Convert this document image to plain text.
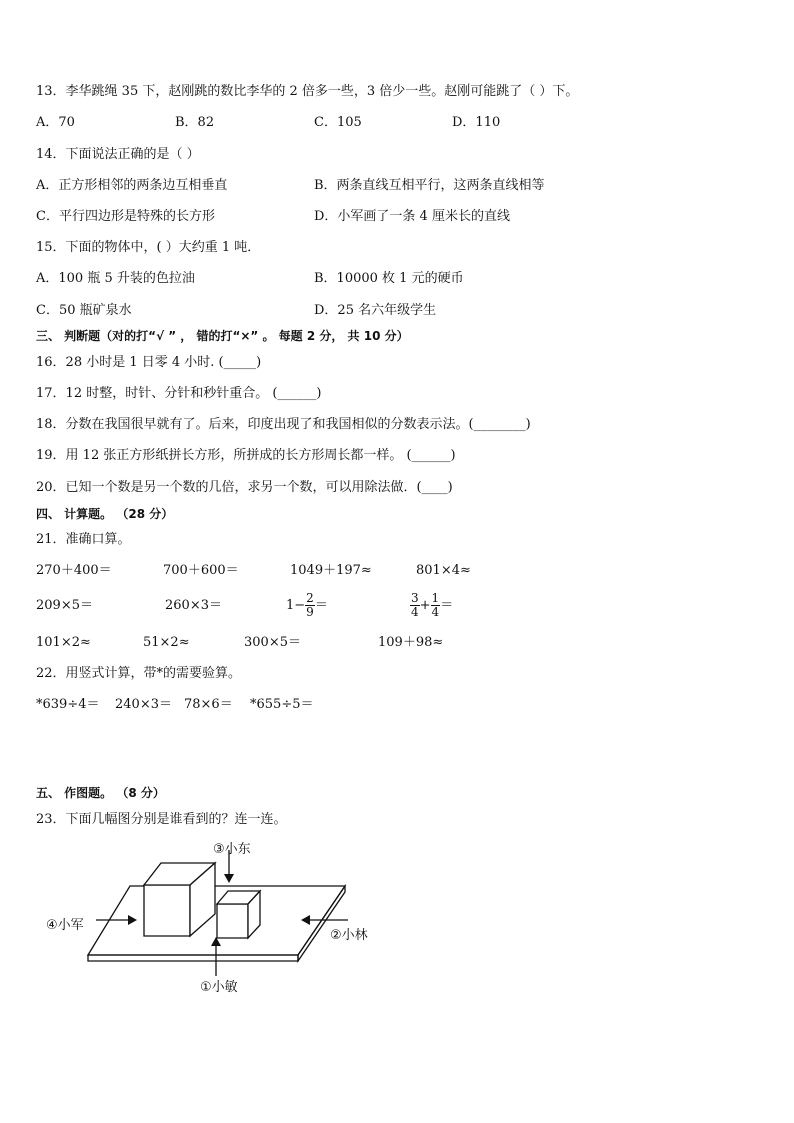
13．李华跳绳 35 下，赵刚跳的数比李华的 2 倍多一些，3 倍少一些。赵刚可能跳了（ ）下。
A．70	B．82	C．105	D．110
14．下面说法正确的是（ ）
A．正方形相邻的两条边互相垂直	B．两条直线互相平行，这两条直线相等
C．平行四边形是特殊的长方形	D．小军画了一条 4 厘米长的直线
15．下面的物体中，( ）大约重 1 吨．
A．100 瓶 5 升装的色拉油	B．10000 枚 1 元的硬币
C．50 瓶矿泉水	D．25 名六年级学生
三、 判断题（对的打“√ ” ， 错的打“×” 。 每题 2 分， 共 10 分）
16．28 小时是 1 日零 4 小时. (_____)
17．12 时整，时针、分针和秒针重合。 (______)
18．分数在我国很早就有了。后来，印度出现了和我国相似的分数表示法。(________)
19．用 12 张正方形纸拼长方形，所拼成的长方形周长都一样。 (______)
20．已知一个数是另一个数的几倍，求另一个数，可以用除法做．(____)
四、 计算题。 （28 分）
21．准确口算。
270＋400＝	700＋600＝	1049＋197≈	801×4≈
209×5＝	260×3＝	$1- \frac{2}{9}$ ＝	$\frac{3}{4} + \frac{1}{4}$ ＝
101×2≈	51×2≈	300×5＝	109＋98≈
22．用竖式计算，带*的需要验算。
*639÷4＝ 240×3＝ 78×6＝ *655÷5＝
五、 作图题。 （8 分）
23．下面几幅图分别是谁看到的？连一连。
③小东
④小军
②小林
①小敏
